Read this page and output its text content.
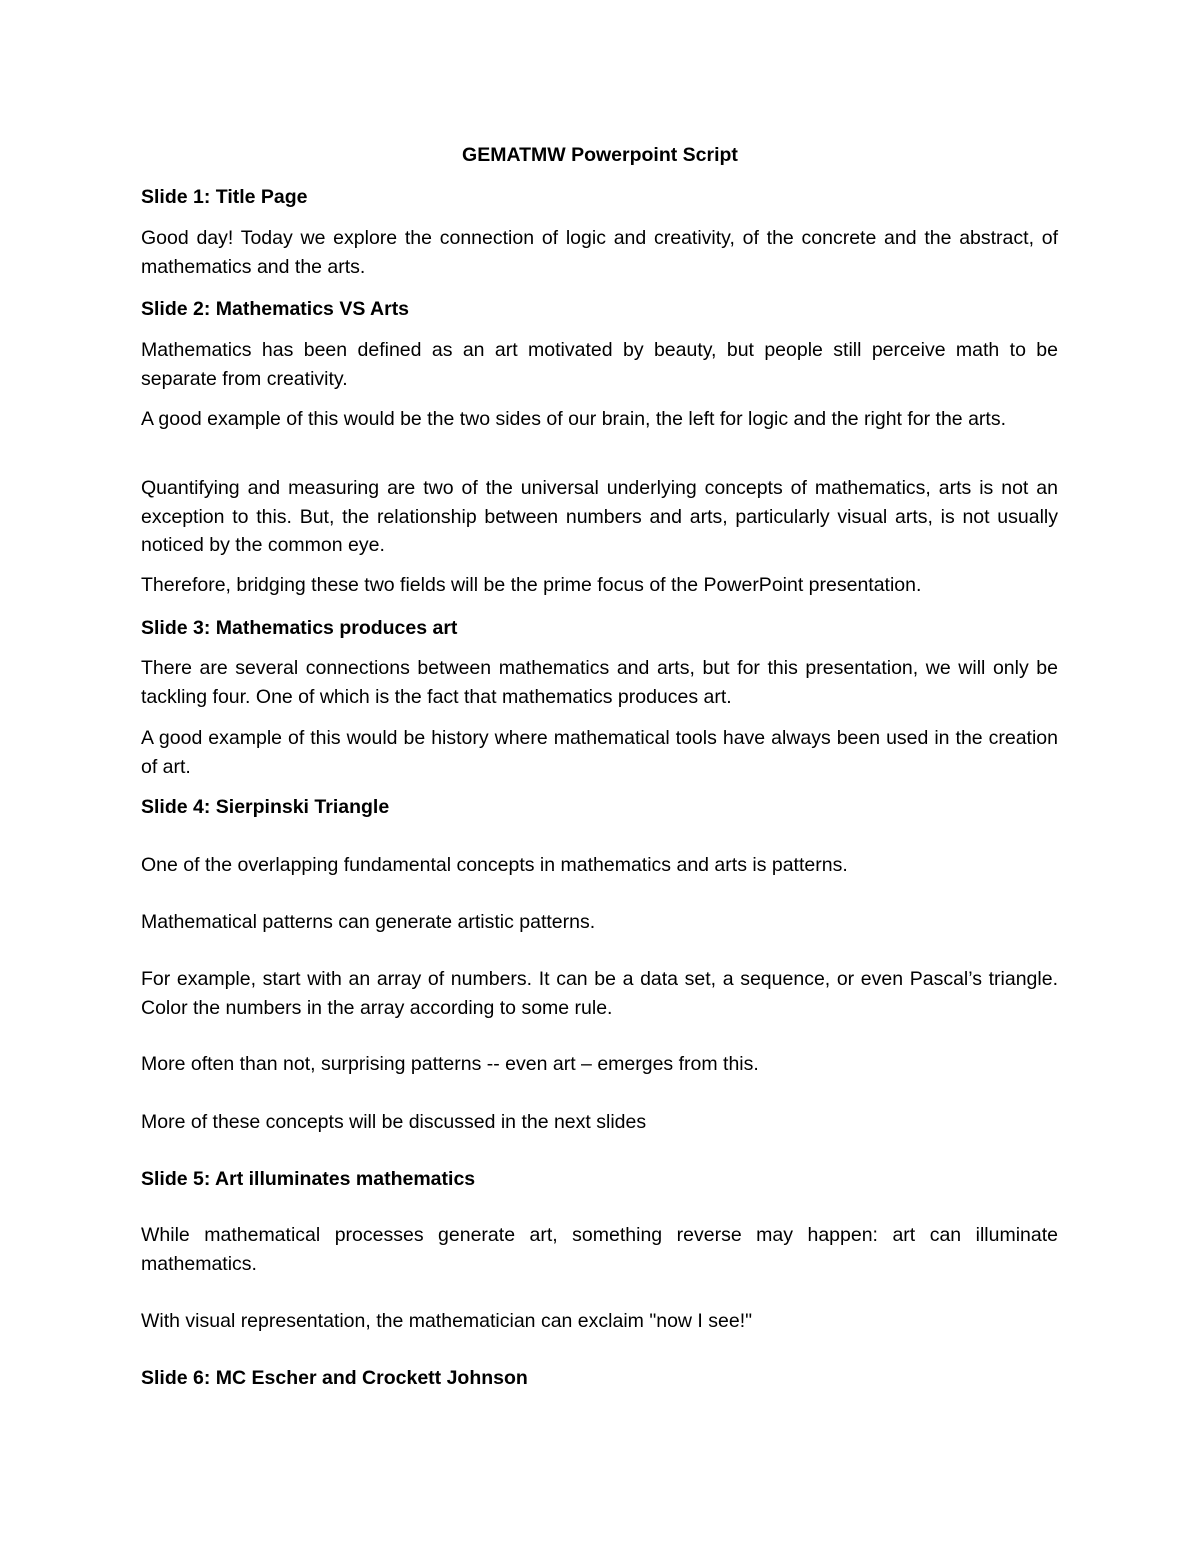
GEMATMW Powerpoint Script

Slide 1: Title Page

Good day! Today we explore the connection of logic and creativity, of the concrete and the abstract, of mathematics and the arts.

Slide 2: Mathematics VS Arts

Mathematics has been defined as an art motivated by beauty, but people still perceive math to be separate from creativity.

A good example of this would be the two sides of our brain, the left for logic and the right for the arts.

Quantifying and measuring are two of the universal underlying concepts of mathematics, arts is not an exception to this. But, the relationship between numbers and arts, particularly visual arts, is not usually noticed by the common eye.

Therefore, bridging these two fields will be the prime focus of the PowerPoint presentation.

Slide 3: Mathematics produces art

There are several connections between mathematics and arts, but for this presentation, we will only be tackling four. One of which is the fact that mathematics produces art.

A good example of this would be history where mathematical tools have always been used in the creation of art.

Slide 4: Sierpinski Triangle

One of the overlapping fundamental concepts in mathematics and arts is patterns.

Mathematical patterns can generate artistic patterns.

For example, start with an array of numbers. It can be a data set, a sequence, or even Pascal’s triangle. Color the numbers in the array according to some rule.

More often than not, surprising patterns -- even art – emerges from this.

More of these concepts will be discussed in the next slides

Slide 5: Art illuminates mathematics

While mathematical processes generate art, something reverse may happen: art can illuminate mathematics.

With visual representation, the mathematician can exclaim "now I see!"

Slide 6: MC Escher and Crockett Johnson
